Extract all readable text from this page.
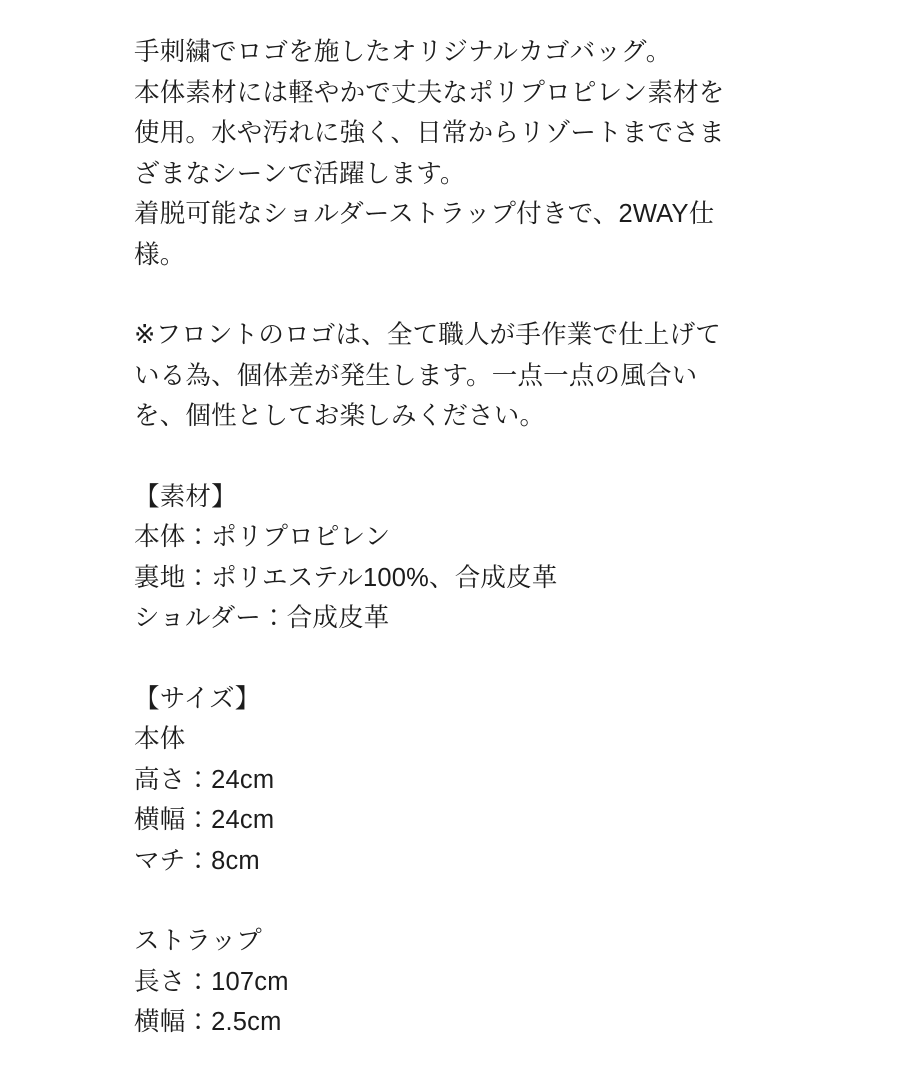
手刺繍でロゴを施したオリジナルカゴバッグ。
本体素材には軽やかで丈夫なポリプロピレン素材を
使用。水や汚れに強く、日常からリゾートまでさま
ざまなシーンで活躍します。
着脱可能なショルダーストラップ付きで、2WAY仕
様。
※フロントのロゴは、全て職人が手作業で仕上げて
いる為、個体差が発生します。一点一点の風合い
を、個性としてお楽しみください。
【素材】
本体：ポリプロピレン
裏地：ポリエステル100%、合成皮革
ショルダー：合成皮革
【サイズ】
本体
高さ：24cm
横幅：24cm
マチ：8cm
ストラップ
長さ：107cm
横幅：2.5cm
